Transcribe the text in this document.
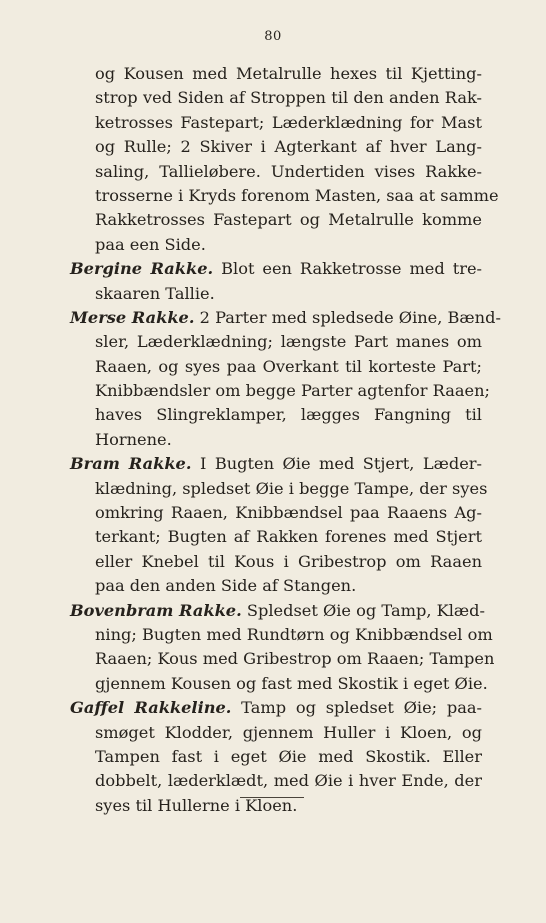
80
og Kousen med Metalrulle hexes til Kjetting-
strop ved Siden af Stroppen til den anden Rak-
ketrosses Fastepart; Læderklædning for Mast
og Rulle; 2 Skiver i Agterkant af hver Lang-
saling, Tallieløbere. Undertiden vises Rakke-
trosserne i Kryds forenom Masten, saa at samme
Rakketrosses Fastepart og Metalrulle komme
paa een Side.
Bergine Rakke. Blot een Rakketrosse med tre-
skaaren Tallie.
Merse Rakke. 2 Parter med spledsede Øine, Bænd-
sler, Læderklædning; længste Part manes om
Raaen, og syes paa Overkant til korteste Part;
Knibbændsler om begge Parter agtenfor Raaen;
haves Slingreklamper, lægges Fangning til
Hornene.
Bram Rakke. I Bugten Øie med Stjert, Læder-
klædning, spledset Øie i begge Tampe, der syes
omkring Raaen, Knibbændsel paa Raaens Ag-
terkant; Bugten af Rakken forenes med Stjert
eller Knebel til Kous i Gribestrop om Raaen
paa den anden Side af Stangen.
Bovenbram Rakke. Spledset Øie og Tamp, Klæd-
ning; Bugten med Rundtørn og Knibbændsel om
Raaen; Kous med Gribestrop om Raaen; Tampen
gjennem Kousen og fast med Skostik i eget Øie.
Gaffel Rakkeline. Tamp og spledset Øie; paa-
smøget Klodder, gjennem Huller i Kloen, og
Tampen fast i eget Øie med Skostik. Eller
dobbelt, læderklædt, med Øie i hver Ende, der
syes til Hullerne i Kloen.
